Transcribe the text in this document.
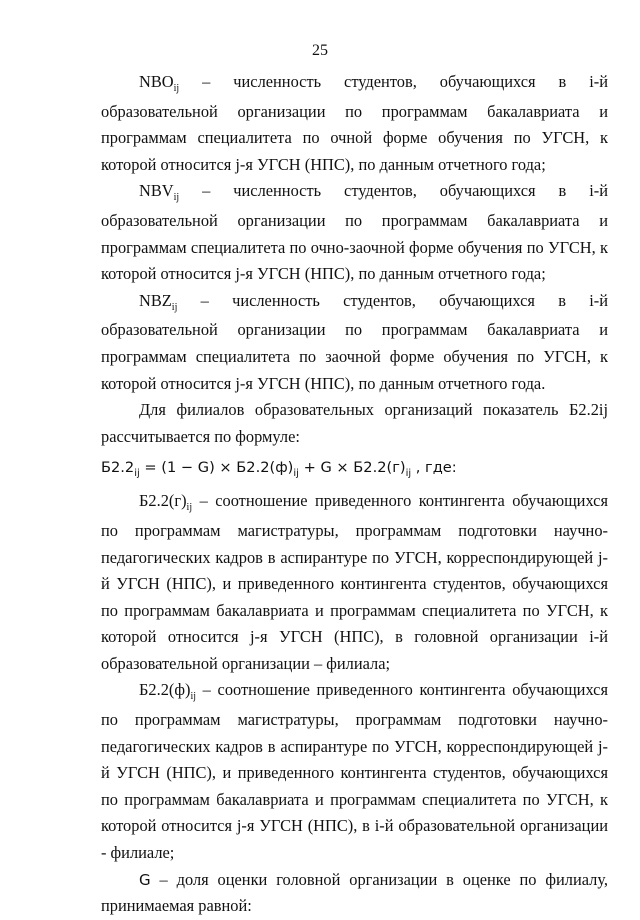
25

$NBO_{ij}$ – численность студентов, обучающихся в i-й образовательной организации по программам бакалавриата и программам специалитета по очной форме обучения по УГСН, к которой относится j-я УГСН (НПС), по данным отчетного года;

$NBV_{ij}$ – численность студентов, обучающихся в i-й образовательной организации по программам бакалавриата и программам специалитета по очно-заочной форме обучения по УГСН, к которой относится j-я УГСН (НПС), по данным отчетного года;

$NBZ_{ij}$ – численность студентов, обучающихся в i-й образовательной организации по программам бакалавриата и программам специалитета по заочной форме обучения по УГСН, к которой относится j-я УГСН (НПС), по данным отчетного года.

Для филиалов образовательных организаций показатель Б2.2ij рассчитывается по формуле:

$Б2.2_{ij} = (1 - G) \times Б2.2(ф)_{ij} + G \times Б2.2(г)_{ij}$ , где:

$Б2.2(г)_{ij}$ – соотношение приведенного контингента обучающихся по программам магистратуры, программам подготовки научно-педагогических кадров в аспирантуре по УГСН, корреспондирующей j-й УГСН (НПС), и приведенного контингента студентов, обучающихся по программам бакалавриата и программам специалитета по УГСН, к которой относится j-я УГСН (НПС), в головной организации i-й образовательной организации – филиала;

$Б2.2(ф)_{ij}$ – соотношение приведенного контингента обучающихся по программам магистратуры, программам подготовки научно-педагогических кадров в аспирантуре по УГСН, корреспондирующей j-й УГСН (НПС), и приведенного контингента студентов, обучающихся по программам бакалавриата и программам специалитета по УГСН, к которой относится j-я УГСН (НПС), в i-й образовательной организации - филиале;

G – доля оценки головной организации в оценке по филиалу, принимаемая равной:
